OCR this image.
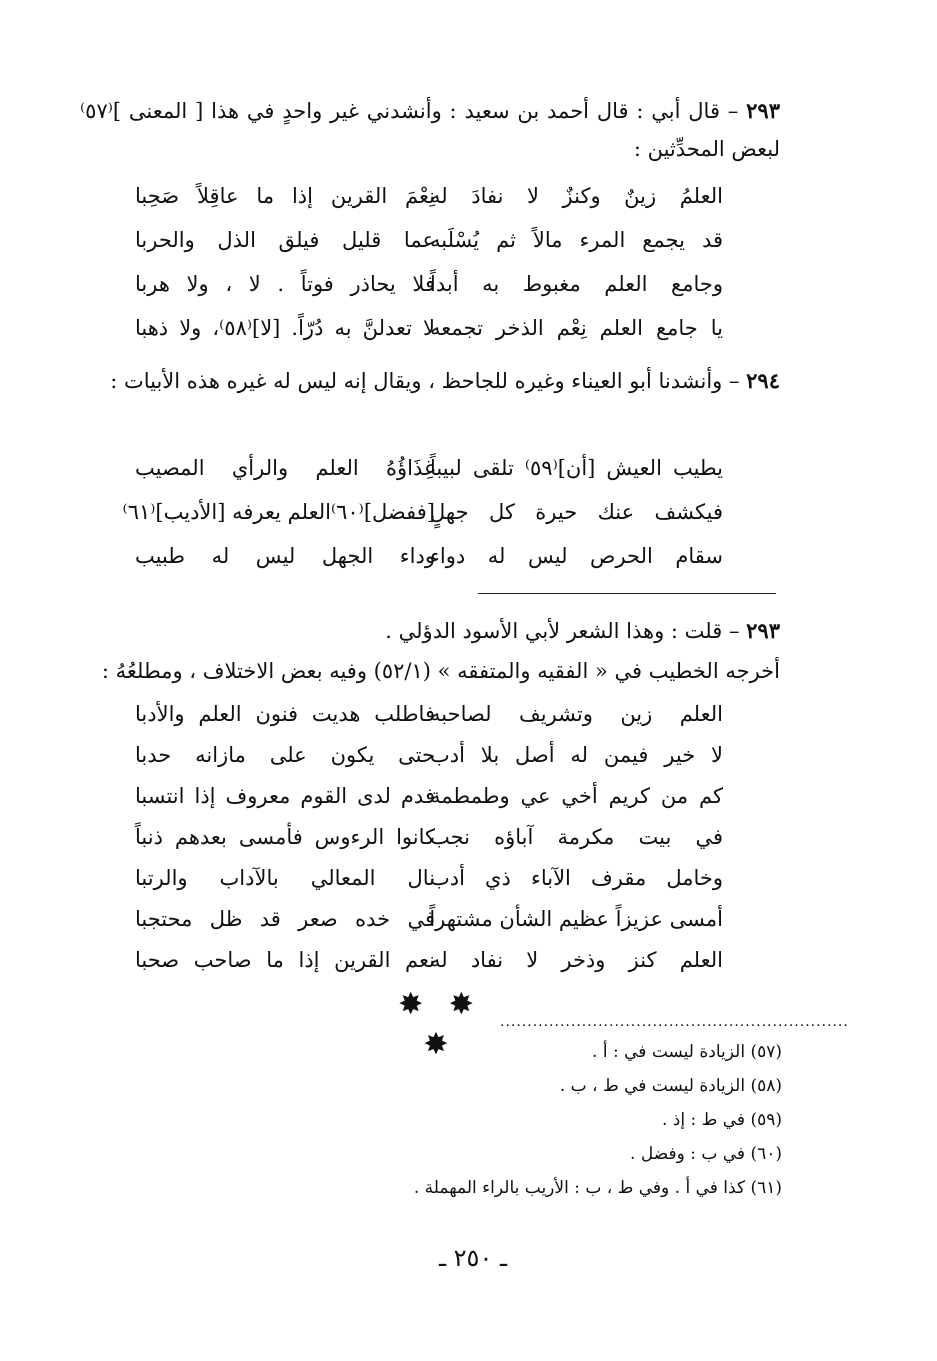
٢٩٣ – قال أبي : قال أحمد بن سعيد : وأنشدني غير واحدٍ في هذا [ المعنى ]⁽٥٧⁾ لبعض المحدِّثين :
العلمُ زينٌ وكنزٌ لا نفادَ له
نِعْمَ القرين إذا ما عاقِلاً صَحِبا
قد يجمع المرء مالاً ثم يُسْلَبه
عما قليل فيلق الذل والحربا
وجامع العلم مغبوط به أبداً
فلا يحاذر فوتاً . لا ، ولا هربا
يا جامع العلم نِعْم الذخر تجمعه
لا تعدلنَّ به دُرّاً. [لا]⁽٥٨⁾، ولا ذهبا
٢٩٤ – وأنشدنا أبو العيناء وغيره للجاحظ ، ويقال إنه ليس له غيره هذه الأبيات :
يطيب العيش [أن]⁽٥٩⁾ تلقى لبيباً
غِذَاؤُهُ العلم والرأي المصيب
فيكشف عنك حيرة كل جهلٍ
[ففضل]⁽٦٠⁾العلم يعرفه [الأديب]⁽٦١⁾
سقام الحرص ليس له دواء
وداء الجهل ليس له طبيب
٢٩٣ – قلت : وهذا الشعر لأبي الأسود الدؤلي .
أخرجه الخطيب في « الفقيه والمتفقه » (٥٢/١) وفيه بعض الاختلاف ، ومطلعُهُ :
العلم زين وتشريف لصاحبه
فاطلب هديت فنون العلم والأدبا
لا خير فيمن له أصل بلا أدب
حتى يكون على مازانه حدبا
كم من كريم أخي عي وطمطمة
فدم لدى القوم معروف إذا انتسبا
في بيت مكرمة آباؤه نجب
كانوا الرءوس فأمسى بعدهم ذنباً
وخامل مقرف الآباء ذي أدب
نال المعالي بالآداب والرتبا
أمسى عزيزاً عظيم الشأن مشتهراً
في خده صعر قد ظل محتجبا
العلم كنز وذخر لا نفاد له
نعم القرين إذا ما صاحب صحبا
✸ ✸ ✸
................................................................
(٥٧) الزيادة ليست في : أ .
(٥٨) الزيادة ليست في ط ، ب .
(٥٩) في ط : إذ .
(٦٠) في ب : وفضل .
(٦١) كذا في أ . وفي ط ، ب : الأريب بالراء المهملة .
ـ ٢٥٠ ـ
